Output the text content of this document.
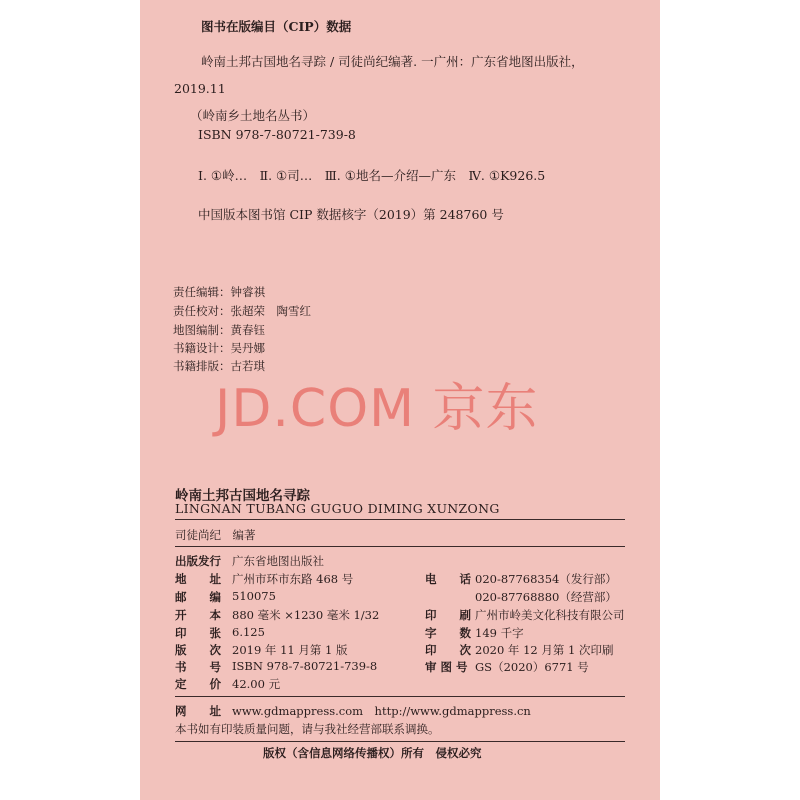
图书在版编目（CIP）数据
岭南土邦古国地名寻踪 / 司徒尚纪编著. 一广州：广东省地图出版社，
2019.11
（岭南乡土地名丛书）
ISBN 978-7-80721-739-8
Ⅰ. ①岭…　Ⅱ. ①司…　Ⅲ. ①地名—介绍—广东　Ⅳ. ①K926.5
中国版本图书馆 CIP 数据核字（2019）第 248760 号
责任编辑：钟睿祺
责任校对：张超荣　陶雪红
地图编制：黄春钰
书籍设计：吴丹娜
书籍排版：古若琪
JD.COM 京东
岭南土邦古国地名寻踪
LINGNAN TUBANG GUGUO DIMING XUNZONG
司徒尚纪　编著
出版发行 广东省地图出版社
地　　址 广州市环市东路 468 号	电　　话 020-87768354（发行部）
邮　　编 510075	020-87768880（经营部）
开　　本 880 毫米 ×1230 毫米 1/32	印　　刷 广州市岭美文化科技有限公司
印　　张 6.125	字　　数 149 千字
版　　次 2019 年 11 月第 1 版	印　　次 2020 年 12 月第 1 次印刷
书　　号 ISBN 978-7-80721-739-8	审 图 号 GS（2020）6771 号
定　　价 42.00 元
网　　址 www.gdmappress.com　http://www.gdmappress.cn
本书如有印装质量问题，请与我社经营部联系调换。
版权（含信息网络传播权）所有　侵权必究
